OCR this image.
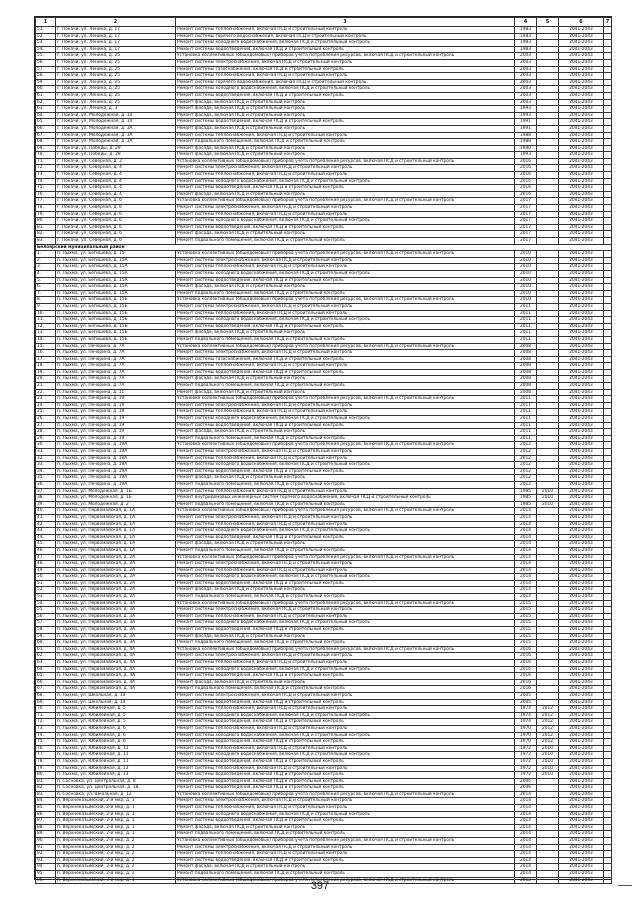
1	2	3	4	5	6	7
51.	г. Покачи, ул. Ленина, д. 17	Ремонт системы теплоснабжения, включая ПСД и строительный контроль	1983		2041-2043	
52.	г. Покачи, ул. Ленина, д. 17	Ремонт системы горячего водоснабжения, включая ПСД и строительный контроль	1983		2041-2043	
53.	г. Покачи, ул. Ленина, д. 17	Ремонт системы холодного водоснабжения, включая ПСД и строительный контроль	1983		2041-2043	
54.	г. Покачи, ул. Ленина, д. 17	Ремонт системы водоотведения, включая ПСД и строительный контроль	1983		2041-2043	
55.	г. Покачи, ул. Ленина, д. 25	Установка коллективных (общедомовых) приборов учета потребления ресурсов, включая ПСД и строительный контроль	2003		2041-2043	
56.	г. Покачи, ул. Ленина, д. 25	Ремонт системы электроснабжения, включая ПСД и строительный контроль	2003		2041-2043	
57.	г. Покачи, ул. Ленина, д. 25	Ремонт системы газоснабжения, включая ПСД и строительный контроль	2003		2041-2043	
58.	г. Покачи, ул. Ленина, д. 25	Ремонт системы теплоснабжения, включая ПСД и строительный контроль	2003		2041-2043	
59.	г. Покачи, ул. Ленина, д. 25	Ремонт системы горячего водоснабжения, включая ПСД и строительный контроль	2003		2041-2043	
60.	г. Покачи, ул. Ленина, д. 25	Ремонт системы холодного водоснабжения, включая ПСД и строительный контроль	2003		2041-2043	
61.	г. Покачи, ул. Ленина, д. 25	Ремонт системы водоотведения, включая ПСД и строительный контроль	2003		2041-2043	
62.	г. Покачи, ул. Ленина, д. 25	Ремонт фасада, включая ПСД и строительный контроль	2003		2041-2043	
63.	г. Покачи, ул. Ленина, д. 3	Ремонт фасада, включая ПСД и строительный контроль	1993		2041-2043	
64.	г. Покачи, ул. Молодежная, д. 14	Ремонт фасада, включая ПСД и строительный контроль	1993		2041-2043	
65.	г. Покачи, ул. Молодежная, д. 14	Ремонт системы водоотведения, включая ПСД и строительный контроль	1991		2041-2043	
66.	г. Покачи, ул. Молодежная, д. 3А	Ремонт фасада, включая ПСД и строительный контроль	1991		2041-2043	
67.	г. Покачи, ул. Молодежная, д. 3А	Ремонт системы теплоснабжения, включая ПСД и строительный контроль	1988		2041-2043	
68.	г. Покачи, ул. Молодежная, д. 3А	Ремонт подвального помещения, включая ПСД и строительный контроль	1988		2041-2043	
69.	г. Покачи, ул. Победы, д. 29	Ремонт фасада, включая ПСД и строительный контроль	1990		2041-2043	
70.	г. Покачи, ул. Победы, д. 29	Ремонт фасада, включая ПСД и строительный контроль	1993		2041-2043	
71.	г. Покачи, ул. Северная, д. 2	Установка коллективных (общедомовых) приборов учета потребления ресурсов, включая ПСД и строительный контроль	2016		2041-2043	
72.	г. Покачи, ул. Северная, д. 4	Ремонт системы электроснабжения, включая ПСД и строительный контроль	2016		2041-2043	
73.	г. Покачи, ул. Северная, д. 4	Ремонт системы теплоснабжения, включая ПСД и строительный контроль	2016		2041-2043	
74.	г. Покачи, ул. Северная, д. 4	Ремонт системы холодного водоснабжения, включая ПСД и строительный контроль	2016		2041-2043	
75.	г. Покачи, ул. Северная, д. 4	Ремонт системы водоотведения, включая ПСД и строительный контроль	2016		2041-2043	
76.	г. Покачи, ул. Северная, д. 4	Ремонт фасада, включая ПСД и строительный контроль	2016		2041-2043	
77.	г. Покачи, ул. Северная, д. 6	Установка коллективных (общедомовых) приборов учета потребления ресурсов, включая ПСД и строительный контроль	2017		2041-2043	
78.	г. Покачи, ул. Северная, д. 6	Ремонт системы электроснабжения, включая ПСД и строительный контроль	2017		2041-2043	
79.	г. Покачи, ул. Северная, д. 6	Ремонт системы теплоснабжения, включая ПСД и строительный контроль	2017		2041-2043	
80.	г. Покачи, ул. Северная, д. 6	Ремонт системы холодного водоснабжения, включая ПСД и строительный контроль	2017		2041-2043	
81.	г. Покачи, ул. Северная, д. 6	Ремонт системы водоотведения, включая ПСД и строительный контроль	2017		2041-2043	
82.	г. Покачи, ул. Северная, д. 6	Ремонт фасада, включая ПСД и строительный контроль	2017		2041-2043	
83.	г. Покачи, ул. Северная, д. 6	Ремонт подвального помещения, включая ПСД и строительный контроль	2017		2041-2043	
Белоярский муниципальный район						
1.	п. Лыхма, ул. Бегишева, д. 15	Установка коллективных (общедомовых) приборов учета потребления ресурсов, включая ПСД и строительный контроль	2010		2041-2043	
2.	п. Лыхма, ул. Бегишева, д. 15А	Ремонт системы электроснабжения, включая ПСД и строительный контроль	2010		2041-2043	
3.	п. Лыхма, ул. Бегишева, д. 15А	Ремонт системы теплоснабжения, включая ПСД и строительный контроль	2010		2041-2043	
4.	п. Лыхма, ул. Бегишева, д. 15А	Ремонт системы холодного водоснабжения, включая ПСД и строительный контроль	2010		2041-2043	
5.	п. Лыхма, ул. Бегишева, д. 15А	Ремонт системы водоотведения, включая ПСД и строительный контроль	2010		2041-2043	
6.	п. Лыхма, ул. Бегишева, д. 15А	Ремонт фасада, включая ПСД и строительный контроль	2010		2041-2043	
7.	п. Лыхма, ул. Бегишева, д. 15А	Ремонт подвального помещения, включая ПСД и строительный контроль	2010		2041-2043	
8.	п. Лыхма, ул. Бегишева, д. 15Б	Установка коллективных (общедомовых) приборов учета потребления ресурсов, включая ПСД и строительный контроль	2010		2041-2043	
9.	п. Лыхма, ул. Бегишева, д. 15Б	Ремонт системы электроснабжения, включая ПСД и строительный контроль	2011		2041-2043	
10.	п. Лыхма, ул. Бегишева, д. 15Б	Ремонт системы теплоснабжения, включая ПСД и строительный контроль	2011		2041-2043	
11.	п. Лыхма, ул. Бегишева, д. 15Б	Ремонт системы холодного водоснабжения, включая ПСД и строительный контроль	2011		2041-2043	
12.	п. Лыхма, ул. Бегишева, д. 15Б	Ремонт системы водоотведения, включая ПСД и строительный контроль	2011		2041-2043	
13.	п. Лыхма, ул. Бегишева, д. 15Б	Ремонт фасада, включая ПСД и строительный контроль	2011		2041-2043	
14.	п. Лыхма, ул. Бегишева, д. 15Б	Ремонт подвального помещения, включая ПСД и строительный контроль	2011		2041-2043	
15.	п. Лыхма, ул. Печорина, д. 7А	Установка коллективных (общедомовых) приборов учета потребления ресурсов, включая ПСД и строительный контроль	2008		2041-2043	
16.	п. Лыхма, ул. Печорина, д. 7А	Ремонт системы электроснабжения, включая ПСД и строительный контроль	2008		2041-2043	
17.	п. Лыхма, ул. Печорина, д. 7А	Ремонт системы газоснабжения, включая ПСД и строительный контроль	2008		2041-2043	
18.	п. Лыхма, ул. Печорина, д. 7А	Ремонт системы теплоснабжения, включая ПСД и строительный контроль	2008		2041-2043	
19.	п. Лыхма, ул. Печорина, д. 7А	Ремонт системы водоотведения, включая ПСД и строительный контроль	2008		2041-2043	
20.	п. Лыхма, ул. Печорина, д. 7А	Ремонт фасада, включая ПСД и строительный контроль	2008		2041-2043	
21.	п. Лыхма, ул. Печорина, д. 7А	Ремонт подвального помещения, включая ПСД и строительный контроль	2008		2041-2043	
22.	п. Лыхма, ул. Печорина, д. 11	Ремонт фасада, включая ПСД и строительный контроль	2008		2041-2043	
23.	п. Лыхма, ул. Печорина, д. 19	Установка коллективных (общедомовых) приборов учета потребления ресурсов, включая ПСД и строительный контроль	2011		2041-2043	
24.	п. Лыхма, ул. Печорина, д. 19	Ремонт системы электроснабжения, включая ПСД и строительный контроль	2011		2041-2043	
25.	п. Лыхма, ул. Печорина, д. 19	Ремонт системы теплоснабжения, включая ПСД и строительный контроль	2011		2041-2043	
26.	п. Лыхма, ул. Печорина, д. 19	Ремонт системы холодного водоснабжения, включая ПСД и строительный контроль	2011		2041-2043	
27.	п. Лыхма, ул. Печорина, д. 19	Ремонт системы водоотведения, включая ПСД и строительный контроль	2011		2041-2043	
28.	п. Лыхма, ул. Печорина, д. 19	Ремонт фасада, включая ПСД и строительный контроль	2011		2041-2043	
29.	п. Лыхма, ул. Печорина, д. 19	Ремонт подвального помещения, включая ПСД и строительный контроль	2011		2041-2043	
30.	п. Лыхма, ул. Печорина, д. 19А	Установка коллективных (общедомовых) приборов учета потребления ресурсов, включая ПСД и строительный контроль	2012		2041-2043	
31.	п. Лыхма, ул. Печорина, д. 19А	Ремонт системы электроснабжения, включая ПСД и строительный контроль	2012		2041-2043	
32.	п. Лыхма, ул. Печорина, д. 19А	Ремонт системы теплоснабжения, включая ПСД и строительный контроль	2012		2041-2043	
33.	п. Лыхма, ул. Печорина, д. 19А	Ремонт системы холодного водоснабжения, включая ПСД и строительный контроль	2012		2041-2043	
34.	п. Лыхма, ул. Печорина, д. 19А	Ремонт системы водоотведения, включая ПСД и строительный контроль	2012		2041-2043	
35.	п. Лыхма, ул. Печорина, д. 19А	Ремонт фасада, включая ПСД и строительный контроль	2012		2041-2043	
36.	п. Лыхма, ул. Печорина, д. 19А	Ремонт подвального помещения, включая ПСД и строительный контроль	2012		2041-2043	
37.	п. Лыхма, ул. Молодежная, д. 1Б	Ремонт системы теплоснабжения, включая ПСД и строительный контроль	1985	2010	2041-2043	
38.	п. Лыхма, ул. Молодежная, д. 1Б	Ремонт внутридомовых инженерных систем горячего водоснабжения, включая ПСД и строительный контроль	1985	2010	2041-2043	
39.	п. Лыхма, ул. Молодежная, д. 2	Ремонт подвального помещения, включая ПСД и строительный контроль	1985	2010	2041-2043	
40.	п. Лыхма, ул. Первомайская, д. 1А	Установка коллективных (общедомовых) приборов учета потребления ресурсов, включая ПСД и строительный контроль	2014		2041-2043	
41.	п. Лыхма, ул. Первомайская, д. 1А	Ремонт системы электроснабжения, включая ПСД и строительный контроль	2014		2041-2043	
42.	п. Лыхма, ул. Первомайская, д. 1А	Ремонт системы теплоснабжения, включая ПСД и строительный контроль	2014		2041-2043	
43.	п. Лыхма, ул. Первомайская, д. 1А	Ремонт системы холодного водоснабжения, включая ПСД и строительный контроль	2014		2041-2043	
44.	п. Лыхма, ул. Первомайская, д. 1А	Ремонт системы водоотведения, включая ПСД и строительный контроль	2014		2041-2043	
45.	п. Лыхма, ул. Первомайская, д. 1А	Ремонт фасада, включая ПСД и строительный контроль	2014		2041-2043	
46.	п. Лыхма, ул. Первомайская, д. 1А	Ремонт подвального помещения, включая ПСД и строительный контроль	2014		2041-2043	
47.	п. Лыхма, ул. Первомайская, д. 2А	Установка коллективных (общедомовых) приборов учета потребления ресурсов, включая ПСД и строительный контроль	2014		2041-2043	
48.	п. Лыхма, ул. Первомайская, д. 2А	Ремонт системы электроснабжения, включая ПСД и строительный контроль	2014		2041-2043	
49.	п. Лыхма, ул. Первомайская, д. 2А	Ремонт системы теплоснабжения, включая ПСД и строительный контроль	2014		2041-2043	
50.	п. Лыхма, ул. Первомайская, д. 2А	Ремонт системы холодного водоснабжения, включая ПСД и строительный контроль	2014		2041-2043	
51.	п. Лыхма, ул. Первомайская, д. 2А	Ремонт системы водоотведения, включая ПСД и строительный контроль	2014		2041-2043	
52.	п. Лыхма, ул. Первомайская, д. 2А	Ремонт фасада, включая ПСД и строительный контроль	2014		2041-2043	
53.	п. Лыхма, ул. Первомайская, д. 2А	Ремонт подвального помещения, включая ПСД и строительный контроль	2014		2041-2043	
54.	п. Лыхма, ул. Первомайская, д. 3А	Установка коллективных (общедомовых) приборов учета потребления ресурсов, включая ПСД и строительный контроль	2015		2041-2043	
55.	п. Лыхма, ул. Первомайская, д. 3А	Ремонт системы электроснабжения, включая ПСД и строительный контроль	2015		2041-2043	
56.	п. Лыхма, ул. Первомайская, д. 3А	Ремонт системы теплоснабжения, включая ПСД и строительный контроль	2015		2041-2043	
57.	п. Лыхма, ул. Первомайская, д. 3А	Ремонт системы холодного водоснабжения, включая ПСД и строительный контроль	2015		2041-2043	
58.	п. Лыхма, ул. Первомайская, д. 3А	Ремонт системы водоотведения, включая ПСД и строительный контроль	2015		2041-2043	
59.	п. Лыхма, ул. Первомайская, д. 3А	Ремонт фасада, включая ПСД и строительный контроль	2015		2041-2043	
60.	п. Лыхма, ул. Первомайская, д. 3А	Ремонт подвального помещения, включая ПСД и строительный контроль	2015		2041-2043	
61.	п. Лыхма, ул. Первомайская, д. 4А	Установка коллективных (общедомовых) приборов учета потребления ресурсов, включая ПСД и строительный контроль	2016		2041-2043	
62.	п. Лыхма, ул. Первомайская, д. 4А	Ремонт системы электроснабжения, включая ПСД и строительный контроль	2016		2041-2043	
63.	п. Лыхма, ул. Первомайская, д. 4А	Ремонт системы теплоснабжения, включая ПСД и строительный контроль	2016		2041-2043	
64.	п. Лыхма, ул. Первомайская, д. 4А	Ремонт системы холодного водоснабжения, включая ПСД и строительный контроль	2016		2041-2043	
65.	п. Лыхма, ул. Первомайская, д. 4А	Ремонт системы водоотведения, включая ПСД и строительный контроль	2016		2041-2043	
66.	п. Лыхма, ул. Первомайская, д. 4А	Ремонт фасада, включая ПСД и строительный контроль	2016		2041-2043	
67.	п. Лыхма, ул. Первомайская, д. 4А	Ремонт подвального помещения, включая ПСД и строительный контроль	2016		2041-2043	
68.	п. Лыхма, ул. Школьная, д. 14	Ремонт системы электроснабжения, включая ПСД и строительный контроль	2005		2041-2043	
69.	п. Лыхма, ул. Школьная, д. 14	Ремонт системы водоотведения, включая ПСД и строительный контроль	2005		2041-2043	
70.	п. Лыхма, ул. Юбилейная, д. 5	Ремонт системы теплоснабжения, включая ПСД и строительный контроль	1974	2012	2041-2043	
71.	п. Лыхма, ул. Юбилейная, д. 5	Ремонт системы холодного водоснабжения, включая ПСД и строительный контроль	1974	2012	2041-2043	
72.	п. Лыхма, ул. Юбилейная, д. 5	Ремонт системы водоотведения, включая ПСД и строительный контроль	1974	2012	2041-2043	
73.	п. Лыхма, ул. Юбилейная, д. 6	Ремонт системы теплоснабжения, включая ПСД и строительный контроль	1970	2012	2041-2043	
74.	п. Лыхма, ул. Юбилейная, д. 6	Ремонт системы холодного водоснабжения, включая ПСД и строительный контроль	1970	2012	2041-2043	
75.	п. Лыхма, ул. Юбилейная, д. 6	Ремонт системы водоотведения, включая ПСД и строительный контроль	1970	2012	2041-2043	
76.	п. Лыхма, ул. Юбилейная, д. 11	Ремонт системы теплоснабжения, включая ПСД и строительный контроль	1972	2010	2041-2043	
77.	п. Лыхма, ул. Юбилейная, д. 11	Ремонт системы холодного водоснабжения, включая ПСД и строительный контроль	1972	2010	2041-2043	
78.	п. Лыхма, ул. Юбилейная, д. 11	Ремонт системы водоотведения, включая ПСД и строительный контроль	1972	2010	2041-2043	
79.	п. Лыхма, ул. Юбилейная, д. 13	Ремонт системы теплоснабжения, включая ПСД и строительный контроль	1972	2010	2041-2043	
80.	п. Лыхма, ул. Юбилейная, д. 13	Ремонт системы водоотведения, включая ПСД и строительный контроль	1972	2010	2041-2043	
81.	п. Сосновка, ул. Центральная, д. 8	Ремонт системы водоотведения, включая ПСД и строительный контроль	2006		2041-2043	
82.	п. Сосновка, ул. Центральная, д. 18	Ремонт системы водоотведения, включая ПСД и строительный контроль	2006		2041-2043	
83.	п. Сосновка, ул. Школьная, д. 12	Установка коллективных (общедомовых) приборов учета потребления ресурсов, включая ПСД и строительный контроль	2014		2041-2043	
84.	п. Верхнеказымский, 2-й мкр, д. 1	Ремонт системы электроснабжения, включая ПСД и строительный контроль	2014		2041-2043	
85.	п. Верхнеказымский, 2-й мкр, д. 1	Ремонт системы теплоснабжения, включая ПСД и строительный контроль	2014		2041-2043	
86.	п. Верхнеказымский, 2-й мкр, д. 1	Ремонт системы холодного водоснабжения, включая ПСД и строительный контроль	2014		2041-2043	
87.	п. Верхнеказымский, 2-й мкр, д. 1	Ремонт системы водоотведения, включая ПСД и строительный контроль	2014		2041-2043	
88.	п. Верхнеказымский, 2-й мкр, д. 1	Ремонт фасада, включая ПСД и строительный контроль	2014		2041-2043	
89.	п. Верхнеказымский, 2-й мкр, д. 1	Ремонт подвального помещения, включая ПСД и строительный контроль	2014		2041-2043	
90.	п. Верхнеказымский, 2-й мкр, д. 2	Установка коллективных (общедомовых) приборов учета потребления ресурсов, включая ПСД и строительный контроль	2014		2041-2043	
91.	п. Верхнеказымский, 2-й мкр, д. 2	Ремонт системы электроснабжения, включая ПСД и строительный контроль	2014		2041-2043	
92.	п. Верхнеказымский, 2-й мкр, д. 2	Ремонт системы теплоснабжения, включая ПСД и строительный контроль	2014		2041-2043	
93.	п. Верхнеказымский, 2-й мкр, д. 2	Ремонт системы водоотведения, включая ПСД и строительный контроль	2014		2041-2043	
94.	п. Верхнеказымский, 2-й мкр, д. 2	Ремонт фасада, включая ПСД и строительный контроль	2014		2041-2043	
95.	п. Верхнеказымский, 2-й мкр, д. 2	Ремонт подвального помещения, включая ПСД и строительный контроль	2014		2041-2043	
96.	п. Верхнеказымский, 3-й мкр, д. 1	Установка коллективных (общедомовых) приборов учета потребления ресурсов, включая ПСД и строительный контроль	2012		2041-2043	
397
